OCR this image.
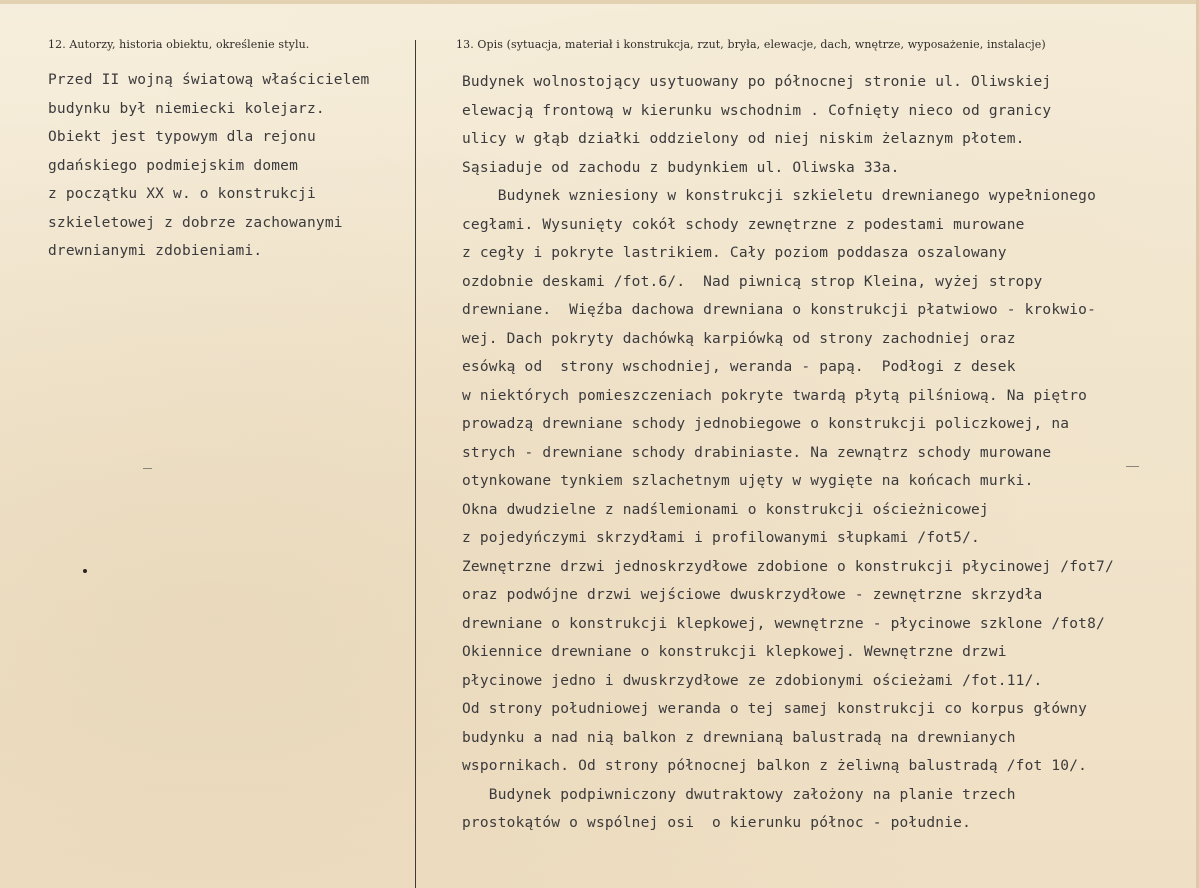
12. Autorzy, historia obiektu, określenie stylu.	13. Opis (sytuacja, materiał i konstrukcja, rzut, bryła, elewacje, dach, wnętrze, wyposażenie, instalacje)
Przed II wojną światową właścicielem
budynku był niemiecki kolejarz.
Obiekt jest typowym dla rejonu
gdańskiego podmiejskim domem
z początku XX w. o konstrukcji
szkieletowej z dobrze zachowanymi
drewnianymi zdobieniami.
Budynek wolnostojący usytuowany po północnej stronie ul. Oliwskiej
elewacją frontową w kierunku wschodnim . Cofnięty nieco od granicy
ulicy w głąb działki oddzielony od niej niskim żelaznym płotem.
Sąsiaduje od zachodu z budynkiem ul. Oliwska 33a.
Budynek wzniesiony w konstrukcji szkieletu drewnianego wypełnionego
cegłami. Wysunięty cokół schody zewnętrzne z podestami murowane
z cegły i pokryte lastrikiem. Cały poziom poddasza oszalowany
ozdobnie deskami /fot.6/.  Nad piwnicą strop Kleina, wyżej stropy
drewniane.  Więźba dachowa drewniana o konstrukcji płatwiowo - krokwio-
wej. Dach pokryty dachówką karpiówką od strony zachodniej oraz
esówką od  strony wschodniej, weranda - papą.  Podłogi z desek
w niektórych pomieszczeniach pokryte twardą płytą pilśniową. Na piętro
prowadzą drewniane schody jednobiegowe o konstrukcji policzkowej, na
strych - drewniane schody drabiniaste. Na zewnątrz schody murowane
otynkowane tynkiem szlachetnym ujęty w wygięte na końcach murki.
Okna dwudzielne z nadślemionami o konstrukcji ościeżnicowej
z pojedyńczymi skrzydłami i profilowanymi słupkami /fot5/.
Zewnętrzne drzwi jednoskrzydłowe zdobione o konstrukcji płycinowej /fot7/
oraz podwójne drzwi wejściowe dwuskrzydłowe - zewnętrzne skrzydła
drewniane o konstrukcji klepkowej, wewnętrzne - płycinowe szklone /fot8/
Okiennice drewniane o konstrukcji klepkowej. Wewnętrzne drzwi
płycinowe jedno i dwuskrzydłowe ze zdobionymi ościeżami /fot.11/.
Od strony południowej weranda o tej samej konstrukcji co korpus główny
budynku a nad nią balkon z drewnianą balustradą na drewnianych
wspornikach. Od strony północnej balkon z żeliwną balustradą /fot 10/.
Budynek podpiwniczony dwutraktowy założony na planie trzech
prostokątów o wspólnej osi  o kierunku północ - południe.
